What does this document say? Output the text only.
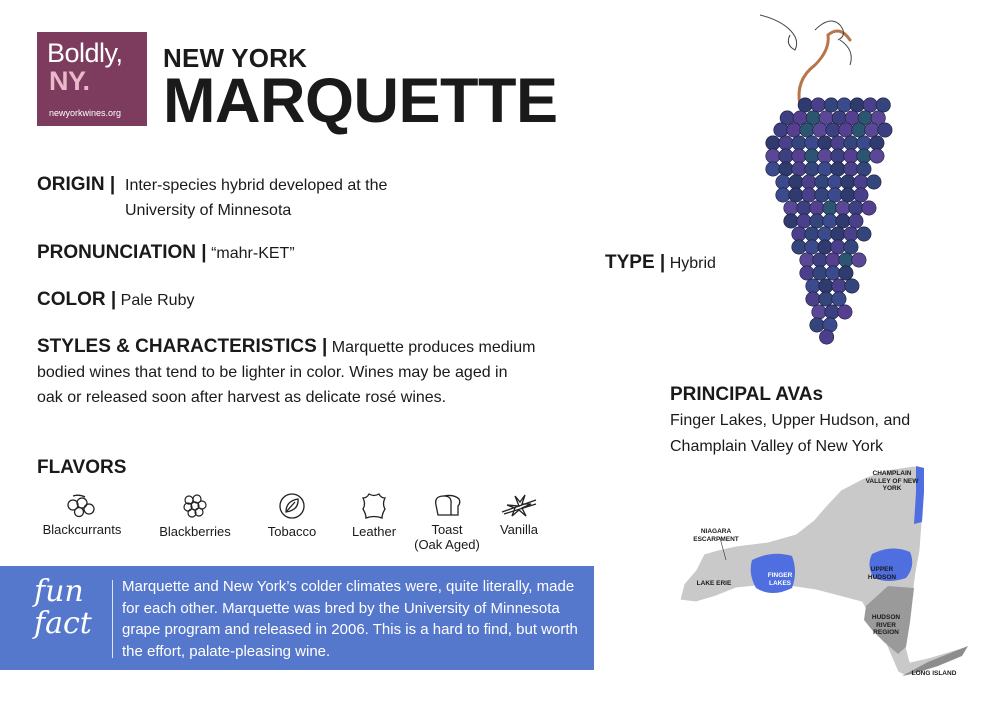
Boldly,
NY.
newyorkwines.org
NEW YORK
MARQUETTE
ORIGIN | Inter-species hybrid developed at the University of Minnesota
PRONUNCIATION | “mahr-KET”
COLOR | Pale Ruby
STYLES & CHARACTERISTICS | Marquette produces medium bodied wines that tend to be lighter in color. Wines may be aged in oak or released soon after harvest as delicate rosé wines.
FLAVORS
Blackcurrants	Blackberries	Tobacco	Leather	Toast
(Oak Aged)
Vanilla
fun
fact
Marquette and New York’s colder climates were, quite literally, made for each other. Marquette was bred by the University of Minnesota grape program and released in 2006. This is a hard to find, but worth the effort, palate-pleasing wine.
TYPE | Hybrid
PRINCIPAL AVAs
Finger Lakes, Upper Hudson, and Champlain Valley of New York
CHAMPLAIN VALLEY OF NEW YORK
NIAGARA ESCARPMENT
FINGER LAKES
UPPER HUDSON
LAKE ERIE
HUDSON RIVER REGION
LONG ISLAND
